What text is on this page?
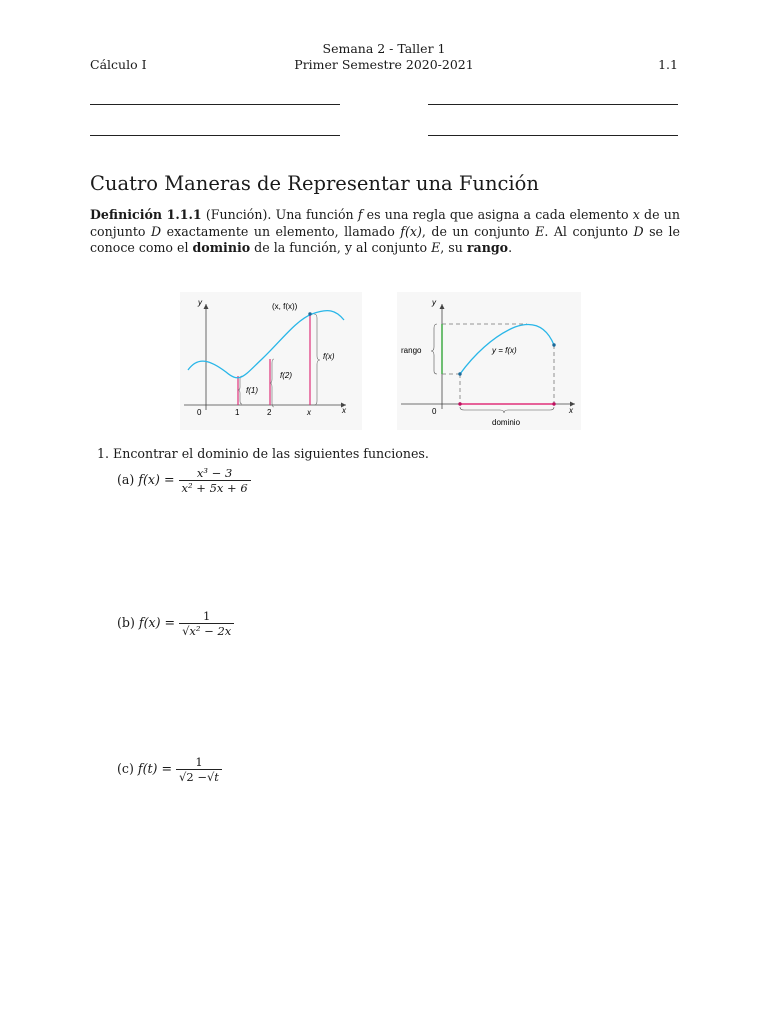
Cálculo I
Semana 2 - Taller 1
Primer Semestre 2020-2021	1.1
Cuatro Maneras de Representar una Función
Definición 1.1.1 (Función). Una función f es una regla que asigna a cada elemento x de un conjunto D exactamente un elemento, llamado f(x), de un conjunto E. Al conjunto D se le conoce como el dominio de la función, y al conjunto E, su rango.
y
x
0	1	2	x
(x, f(x))
f(1)
f(2)
f(x)
y
x
0
rango	y = f(x)
dominio
1. Encontrar el dominio de las siguientes funciones.
(a) $f(x) = \frac{\text{x³ − 3}}{\text{x² + 5x + 6}}$
(b) $f(x) = \frac{1}{\text{√x² − 2x}}$
(c) $f(t) = \frac{1}{√2 -√t}$
